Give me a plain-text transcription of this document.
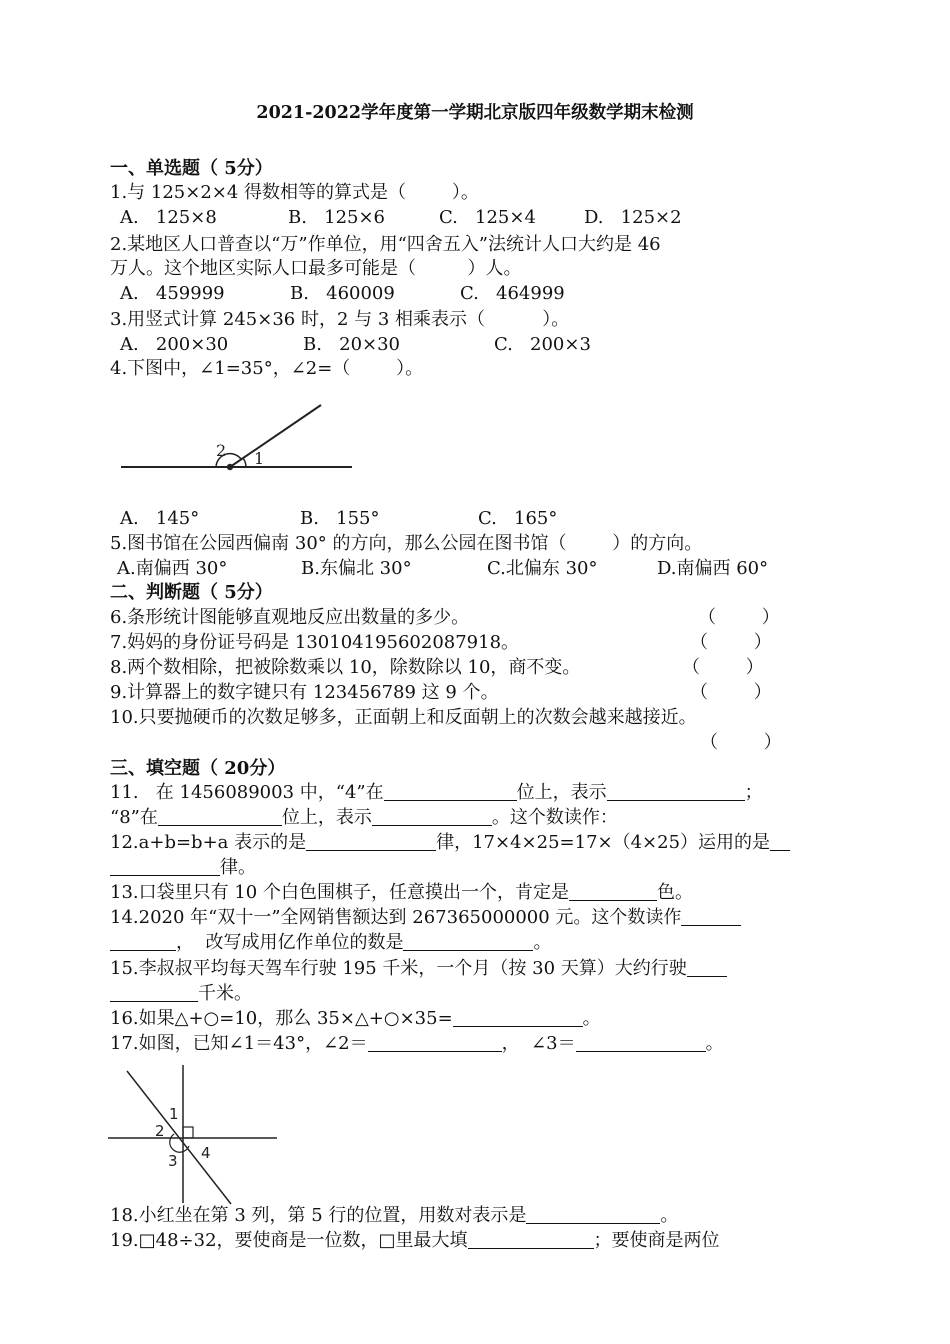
2021-2022学年度第一学期北京版四年级数学期末检测
一、单选题（ 5分）
1.与 125×2×4 得数相等的算式是（        ）。
A.   125×8	B.   125×6	C.   125×4	D.   125×2
2.某地区人口普查以“万”作单位，用“四舍五入”法统计人口大约是 46
万人。这个地区实际人口最多可能是（         ）人。
A.   459999	B.   460009	C.   464999
3.用竖式计算 245×36 时，2 与 3 相乘表示（          ）。
A.   200×30	B.   20×30	C.   200×3
4.下图中，∠1=35°，∠2=（        ）。
2 1
A.   145°	B.   155°	C.   165°
5.图书馆在公园西偏南 30° 的方向，那么公园在图书馆（        ）的方向。
A.南偏西 30°	B.东偏北 30°	C.北偏东 30°	D.南偏西 60°
二、判断题（ 5分）
6.条形统计图能够直观地反应出数量的多少。	（        ）
7.妈妈的身份证号码是 130104195602087918。	（        ）
8.两个数相除，把被除数乘以 10，除数除以 10，商不变。	（        ）
9.计算器上的数字键只有 123456789 这 9 个。	（        ）
10.只要抛硬币的次数足够多，正面朝上和反面朝上的次数会越来越接近。
（        ）
三、填空题（ 20分）
11.   在 1456089003 中，“4”在	位上，表示	；
“8”在	位上，表示	。这个数读作：
12.a+b=b+a 表示的是	律，17×4×25=17×（4×25）运用的是
律。
13.口袋里只有 10 个白色围棋子，任意摸出一个，肯定是	色。
14.2020 年“双十一”全网销售额达到 267365000000 元。这个数读作
，  改写成用亿作单位的数是	。
15.李叔叔平均每天驾车行驶 195 千米，一个月（按 30 天算）大约行驶
千米。
16.如果△+○=10，那么 35×△+○×35=	。
17.如图，已知∠1＝43°，∠2＝	，  ∠3＝	。
1
2
3 4
18.小红坐在第 3 列，第 5 行的位置，用数对表示是	。
19.□48÷32，要使商是一位数，□里最大填	；要使商是两位
